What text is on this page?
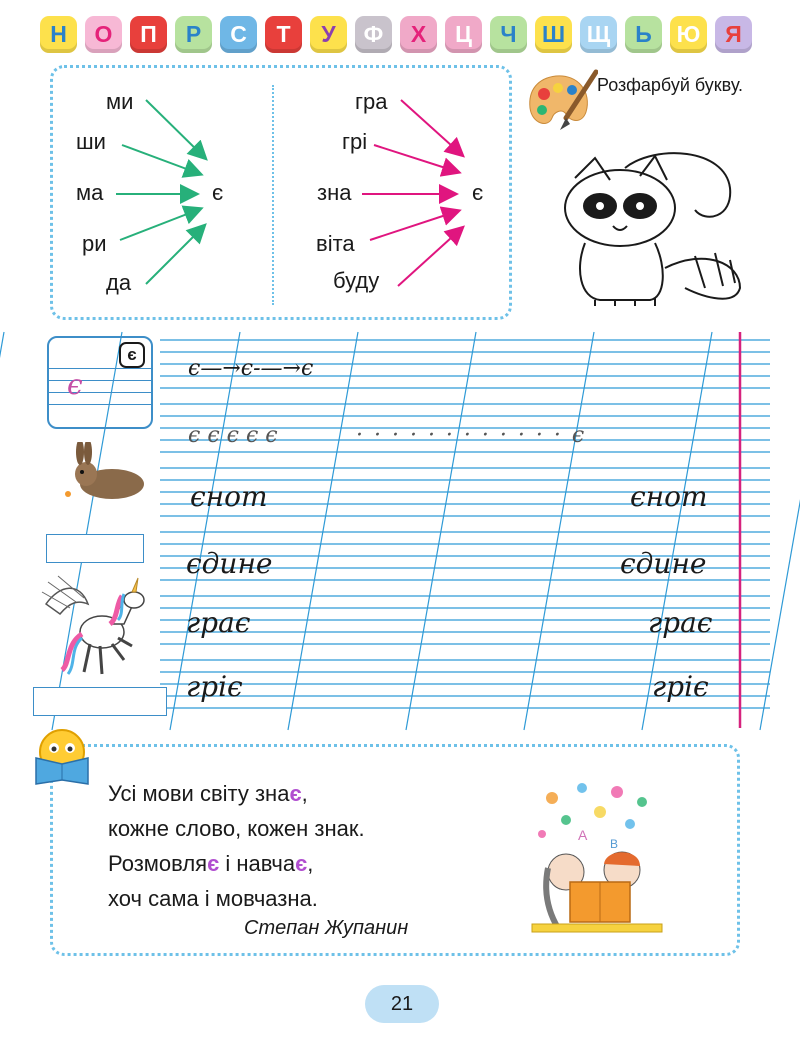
Н	О	П	Р	С	Т	У	Ф	Х	Ц	Ч	Ш Щ	Ь	Ю	Я
ми
ши
ма
ри
да
є
гра
грі
зна
віта
буду
є
Розфарбуй букву.
є
є
є—→є-—→є
є є є є є	· · · · · · · · · · · · є
єнот	єнот
єдине	єдине
грає	грає
гріє	гріє
Усі мови світу знає,
кожне слово, кожен знак.
Розмовляє і навчає,
хоч сама і мовчазна.
Степан Жупанин
A
B
21
